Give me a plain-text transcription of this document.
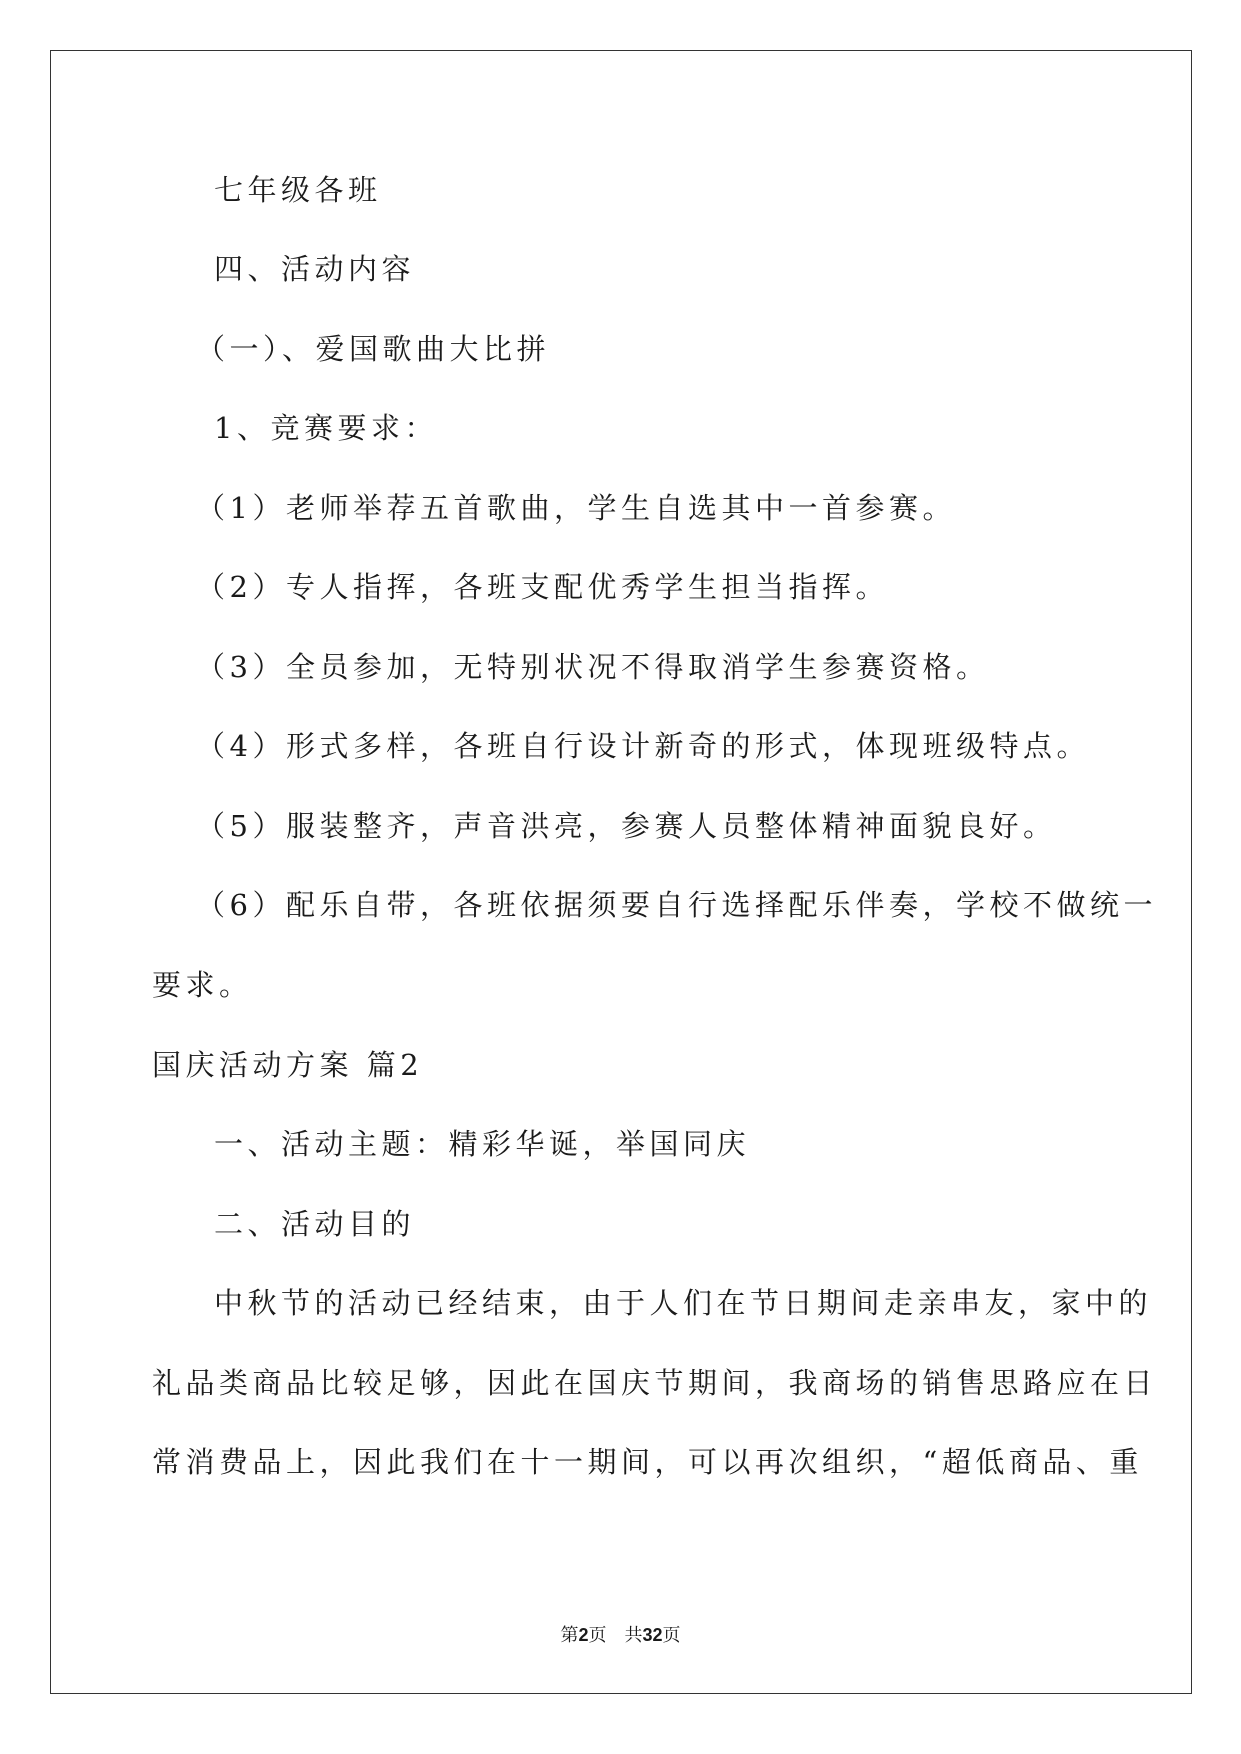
七年级各班
四、活动内容
（一）、爱国歌曲大比拼
1、竞赛要求：
（1）老师举荐五首歌曲，学生自选其中一首参赛。
（2）专人指挥，各班支配优秀学生担当指挥。
（3）全员参加，无特别状况不得取消学生参赛资格。
（4）形式多样，各班自行设计新奇的形式，体现班级特点。
（5）服装整齐，声音洪亮，参赛人员整体精神面貌良好。
（6）配乐自带，各班依据须要自行选择配乐伴奏，学校不做统一
要求。
国庆活动方案 篇2
一、活动主题：精彩华诞，举国同庆
二、活动目的
中秋节的活动已经结束，由于人们在节日期间走亲串友，家中的
礼品类商品比较足够，因此在国庆节期间，我商场的销售思路应在日
常消费品上，因此我们在十一期间，可以再次组织，“超低商品、重
第2页　共32页
